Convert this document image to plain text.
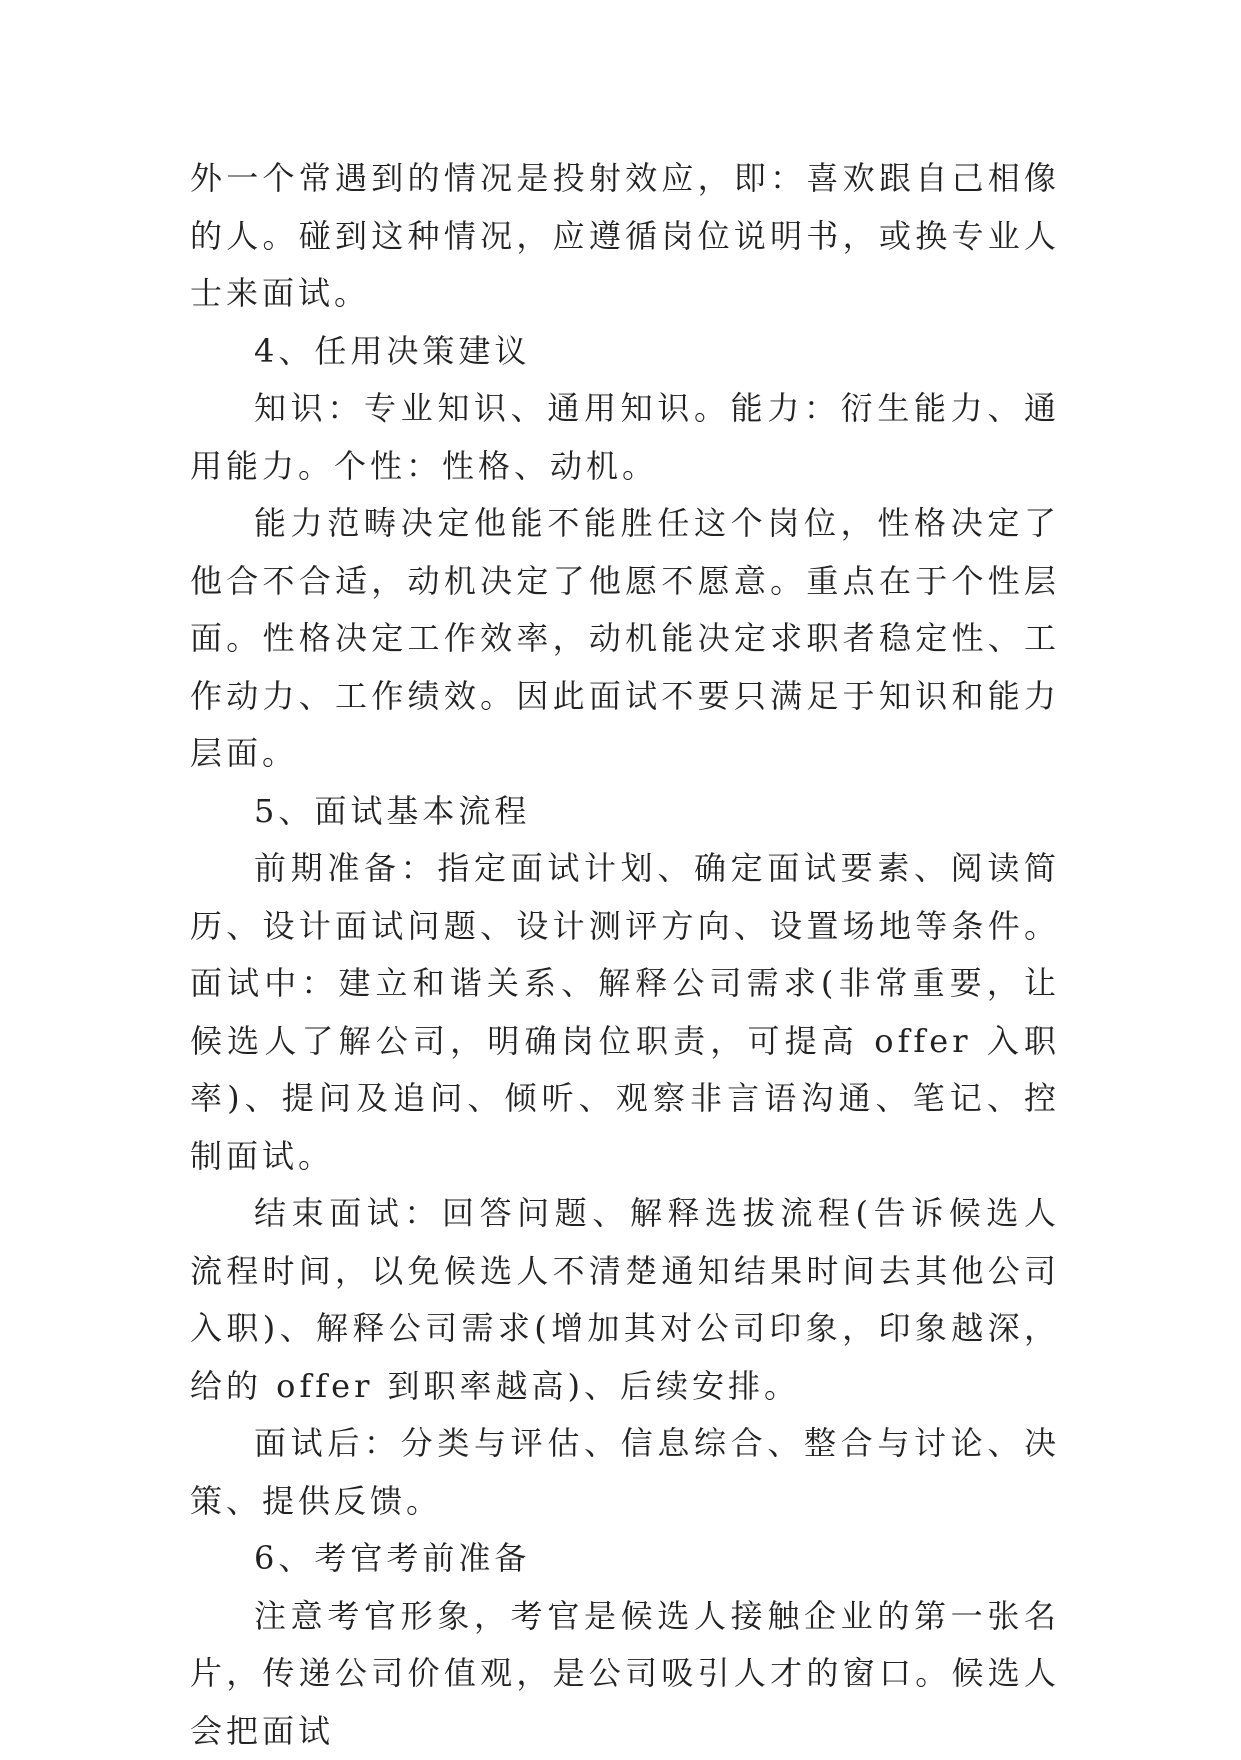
外一个常遇到的情况是投射效应，即：喜欢跟自己相像的人。碰到这种情况，应遵循岗位说明书，或换专业人士来面试。

4、任用决策建议

知识：专业知识、通用知识。能力：衍生能力、通用能力。个性：性格、动机。

能力范畴决定他能不能胜任这个岗位，性格决定了他合不合适，动机决定了他愿不愿意。重点在于个性层面。性格决定工作效率，动机能决定求职者稳定性、工作动力、工作绩效。因此面试不要只满足于知识和能力层面。

5、面试基本流程

前期准备：指定面试计划、确定面试要素、阅读简历、设计面试问题、设计测评方向、设置场地等条件。面试中：建立和谐关系、解释公司需求(非常重要，让候选人了解公司，明确岗位职责，可提高 offer 入职率)、提问及追问、倾听、观察非言语沟通、笔记、控制面试。

结束面试：回答问题、解释选拔流程(告诉候选人流程时间，以免候选人不清楚通知结果时间去其他公司入职)、解释公司需求(增加其对公司印象，印象越深，给的 offer 到职率越高)、后续安排。

面试后：分类与评估、信息综合、整合与讨论、决策、提供反馈。

6、考官考前准备

注意考官形象，考官是候选人接触企业的第一张名片，传递公司价值观，是公司吸引人才的窗口。候选人会把面试
